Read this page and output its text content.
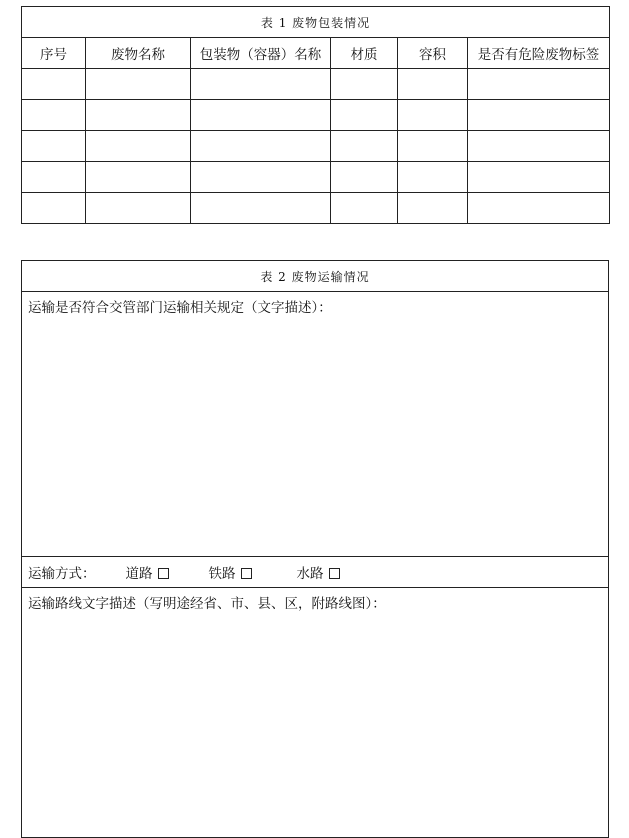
表 1 废物包装情况					
序号	废物名称	包装物（容器）名称	材质	容积	是否有危险废物标签

表 2 废物运输情况
运输是否符合交管部门运输相关规定（文字描述）：
运输方式： 道路	铁路	水路
运输路线文字描述（写明途经省、市、县、区，附路线图）：
